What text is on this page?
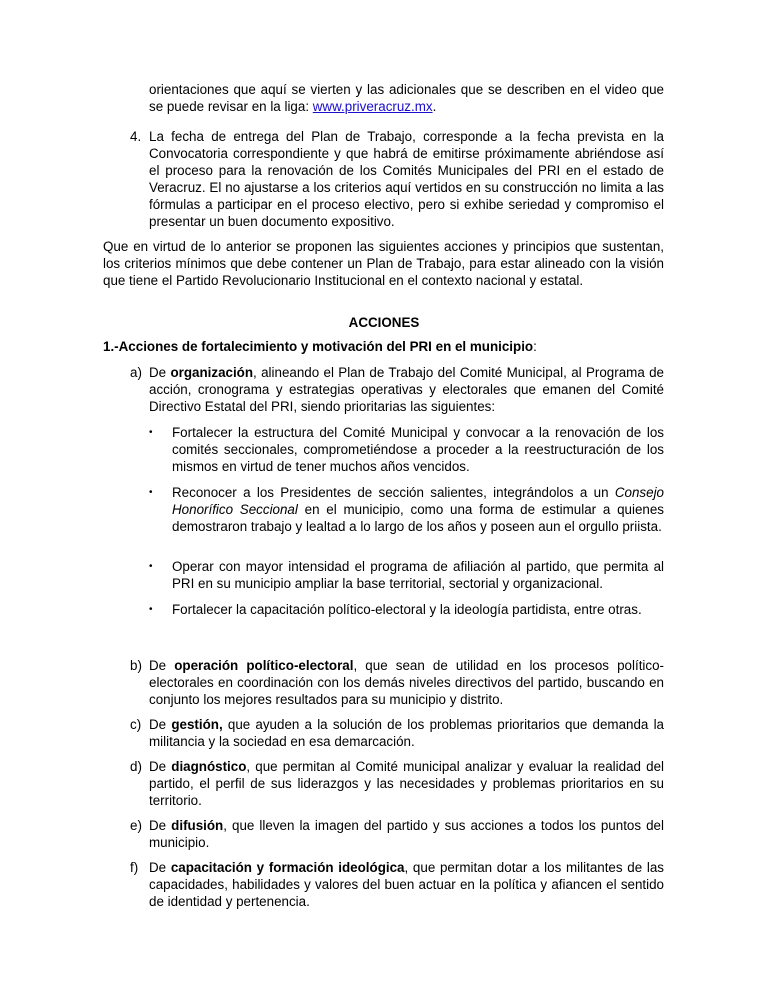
orientaciones que aquí se vierten y las adicionales que se describen en el video que se puede revisar en la liga: www.priveracruz.mx.

4. La fecha de entrega del Plan de Trabajo, corresponde a la fecha prevista en la Convocatoria correspondiente y que habrá de emitirse próximamente abriéndose así el proceso para la renovación de los Comités Municipales del PRI en el estado de Veracruz. El no ajustarse a los criterios aquí vertidos en su construcción no limita a las fórmulas a participar en el proceso electivo, pero si exhibe seriedad y compromiso el presentar un buen documento expositivo.

Que en virtud de lo anterior se proponen las siguientes acciones y principios que sustentan, los criterios mínimos que debe contener un Plan de Trabajo, para estar alineado con la visión que tiene el Partido Revolucionario Institucional en el contexto nacional y estatal.

ACCIONES
1.-Acciones de fortalecimiento y motivación del PRI en el municipio:
a) De organización, alineando el Plan de Trabajo del Comité Municipal, al Programa de acción, cronograma y estrategias operativas y electorales que emanen del Comité Directivo Estatal del PRI, siendo prioritarias las siguientes:

• Fortalecer la estructura del Comité Municipal y convocar a la renovación de los comités seccionales, comprometiéndose a proceder a la reestructuración de los mismos en virtud de tener muchos años vencidos.

• Reconocer a los Presidentes de sección salientes, integrándolos a un Consejo Honorífico Seccional en el municipio, como una forma de estimular a quienes demostraron trabajo y lealtad a lo largo de los años y poseen aun el orgullo priista.

• Operar con mayor intensidad el programa de afiliación al partido, que permita al PRI en su municipio ampliar la base territorial, sectorial y organizacional.

• Fortalecer la capacitación político-electoral y la ideología partidista, entre otras.

b) De operación político-electoral, que sean de utilidad en los procesos político-electorales en coordinación con los demás niveles directivos del partido, buscando en conjunto los mejores resultados para su municipio y distrito.

c) De gestión, que ayuden a la solución de los problemas prioritarios que demanda la militancia y la sociedad en esa demarcación.

d) De diagnóstico, que permitan al Comité municipal analizar y evaluar la realidad del partido, el perfil de sus liderazgos y las necesidades y problemas prioritarios en su territorio.

e) De difusión, que lleven la imagen del partido y sus acciones a todos los puntos del municipio.

f) De capacitación y formación ideológica, que permitan dotar a los militantes de las capacidades, habilidades y valores del buen actuar en la política y afiancen el sentido de identidad y pertenencia.
